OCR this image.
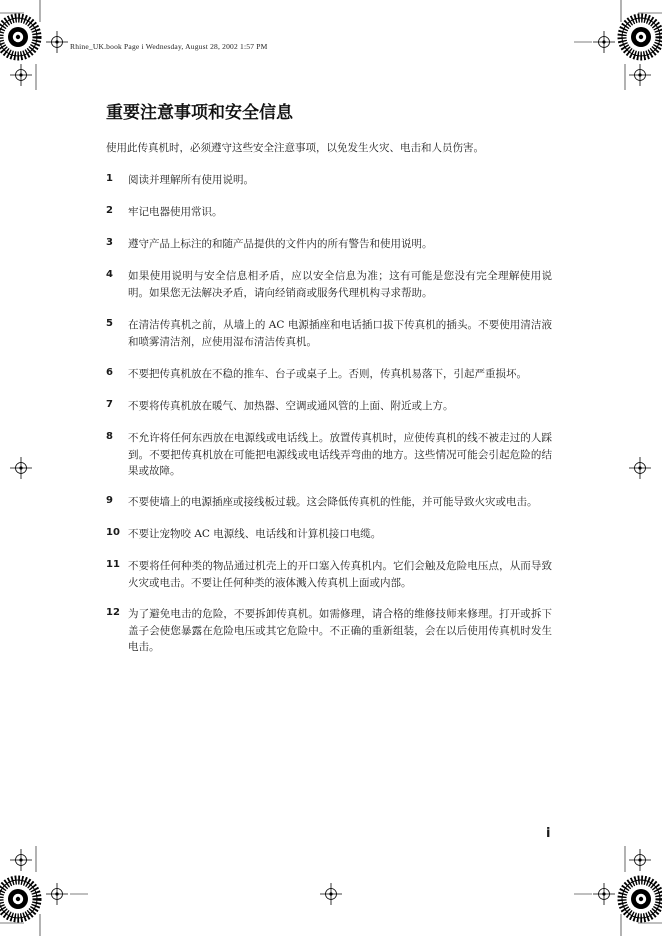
Rhine_UK.book Page i Wednesday, August 28, 2002 1:57 PM
重要注意事项和安全信息

使用此传真机时，必须遵守这些安全注意事项，以免发生火灾、电击和人员伤害。

1 阅读并理解所有使用说明。
2 牢记电器使用常识。
3 遵守产品上标注的和随产品提供的文件内的所有警告和使用说明。
4 如果使用说明与安全信息相矛盾，应以安全信息为准；这有可能是您没有完全理解使用说明。如果您无法解决矛盾，请向经销商或服务代理机构寻求帮助。
5 在清洁传真机之前，从墙上的 AC 电源插座和电话插口拔下传真机的插头。不要使用清洁液和喷雾清洁剂，应使用湿布清洁传真机。
6 不要把传真机放在不稳的推车、台子或桌子上。否则，传真机易落下，引起严重损坏。
7 不要将传真机放在暖气、加热器、空调或通风管的上面、附近或上方。
8 不允许将任何东西放在电源线或电话线上。放置传真机时，应使传真机的线不被走过的人踩到。不要把传真机放在可能把电源线或电话线弄弯曲的地方。这些情况可能会引起危险的结果或故障。
9 不要使墙上的电源插座或接线板过载。这会降低传真机的性能，并可能导致火灾或电击。
10 不要让宠物咬 AC 电源线、电话线和计算机接口电缆。
11 不要将任何种类的物品通过机壳上的开口塞入传真机内。它们会触及危险电压点，从而导致火灾或电击。不要让任何种类的液体溅入传真机上面或内部。
12 为了避免电击的危险，不要拆卸传真机。如需修理，请合格的维修技师来修理。打开或拆下盖子会使您暴露在危险电压或其它危险中。不正确的重新组装，会在以后使用传真机时发生电击。
i
